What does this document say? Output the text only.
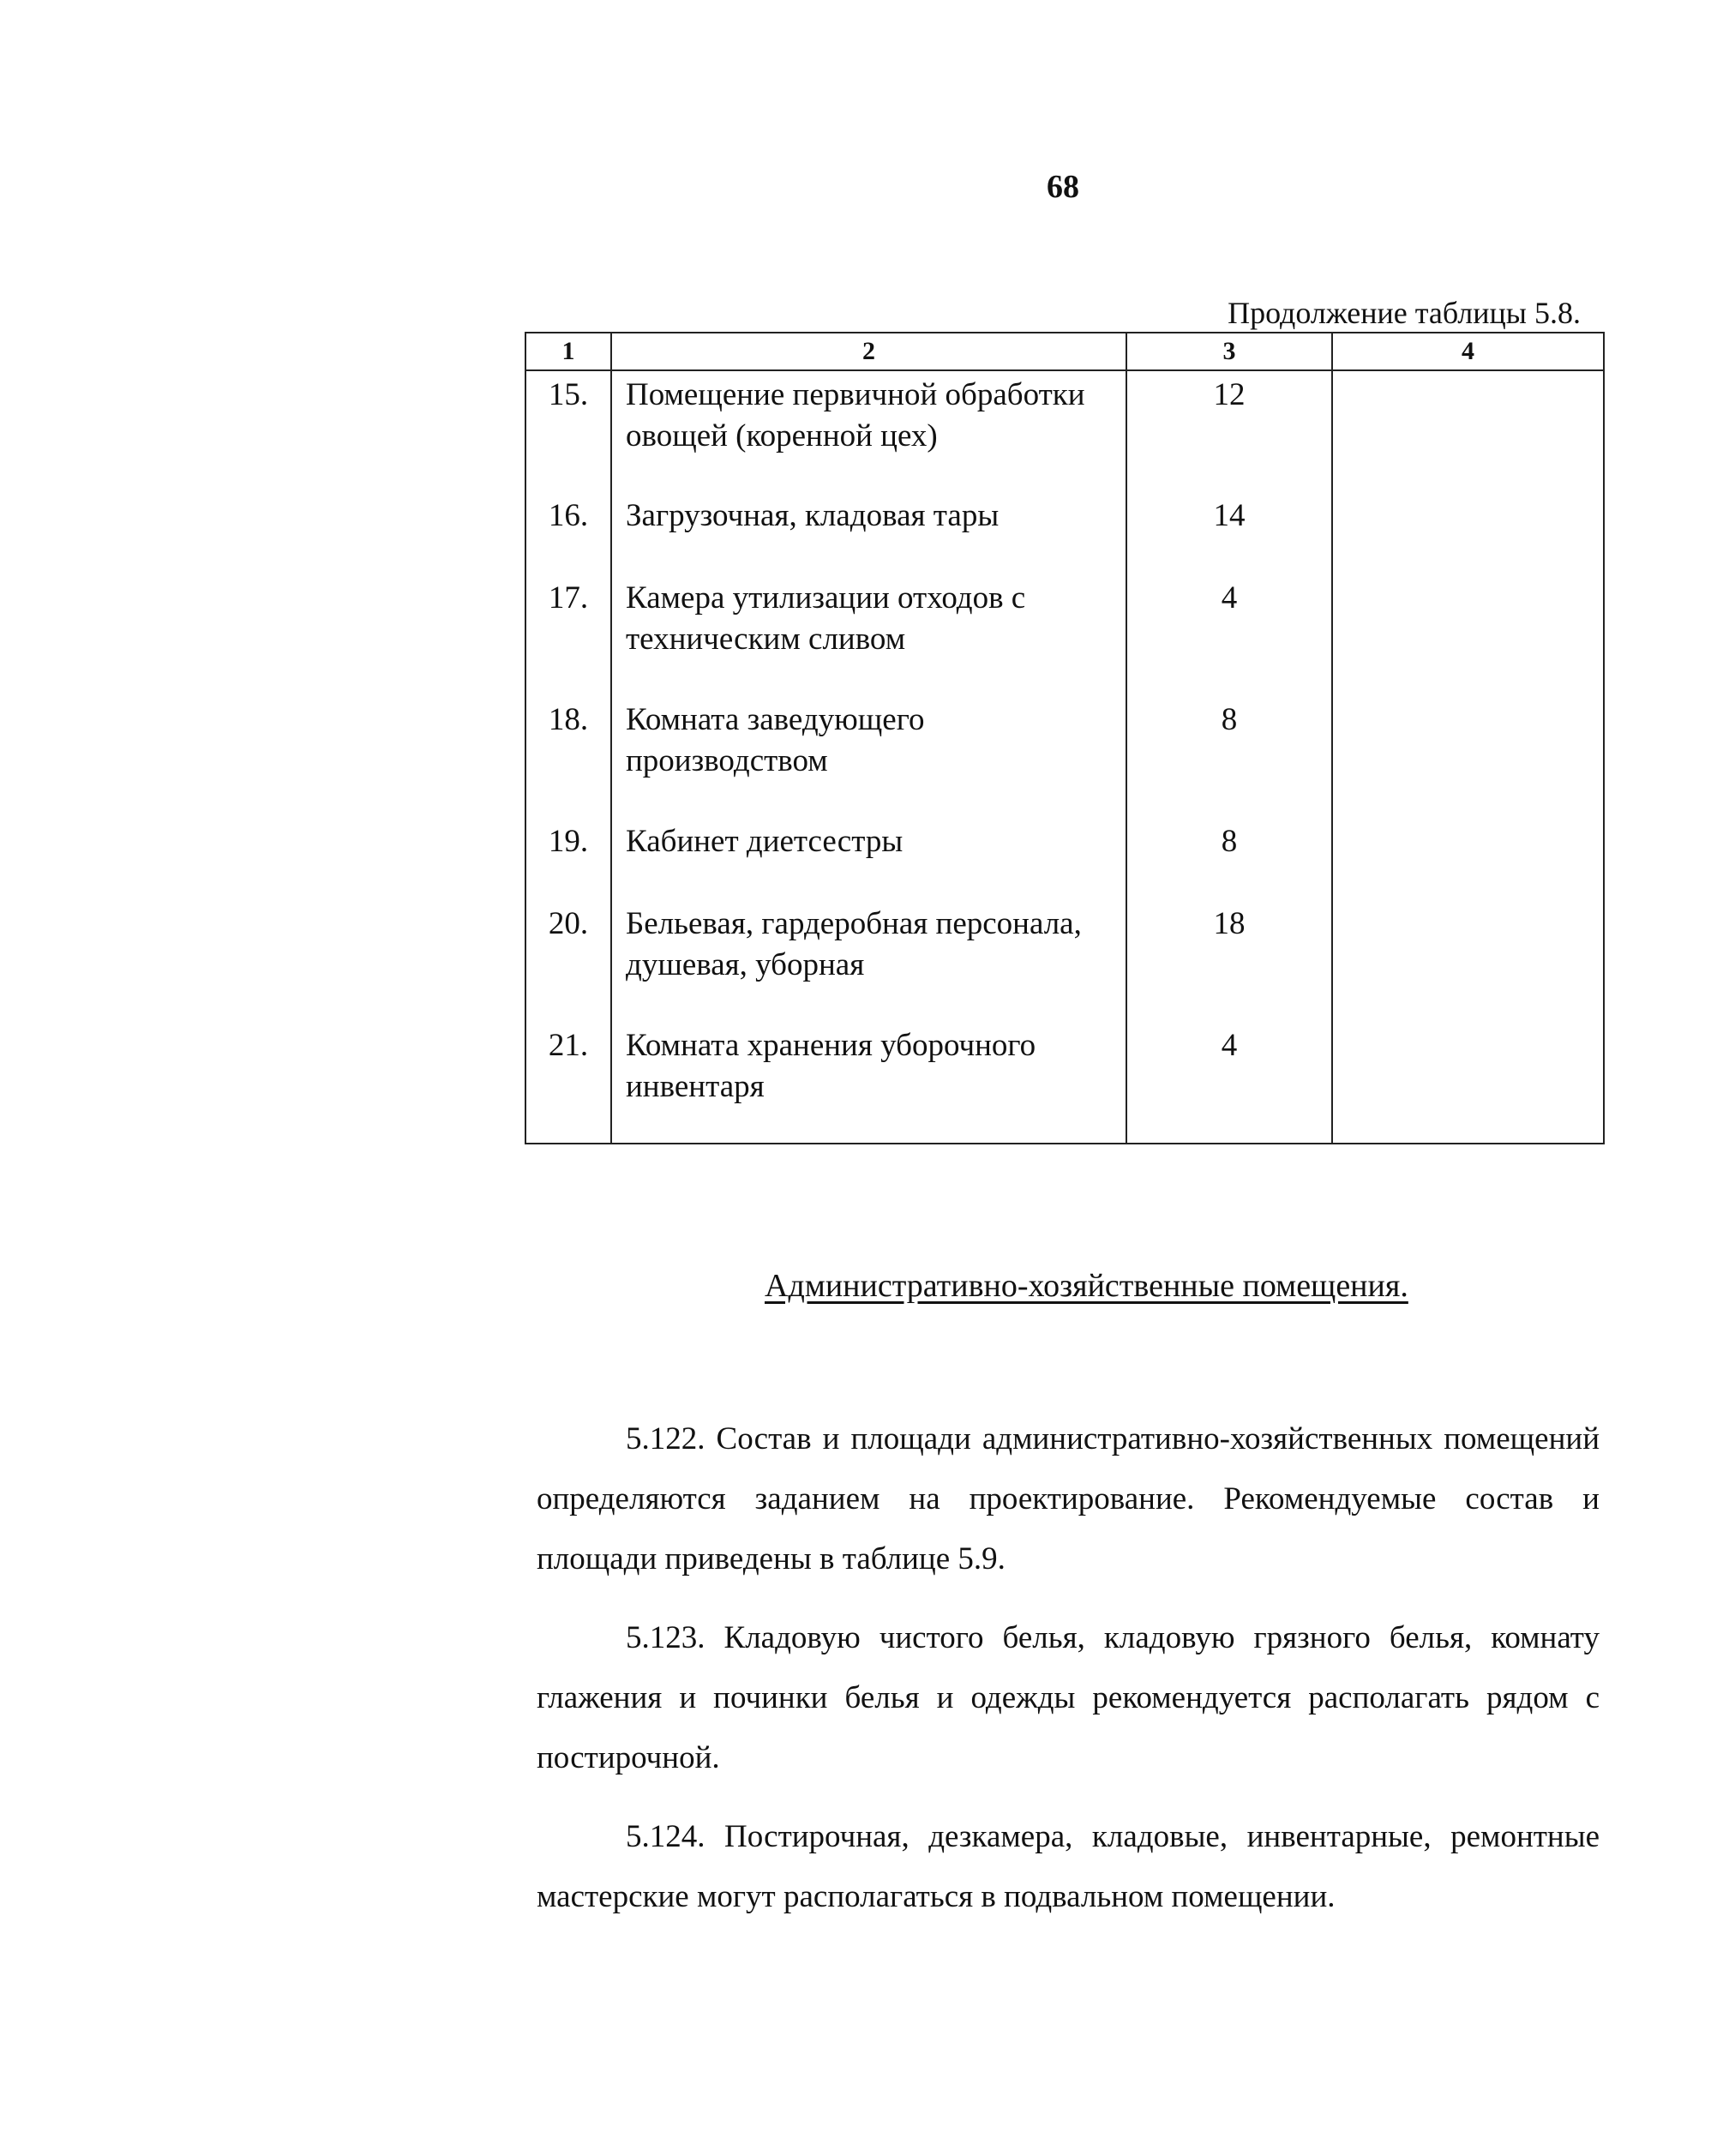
68
Продолжение таблицы 5.8.
1	2	3	4
15.	Помещение первичной обработки овощей (коренной цех)	12	
16.	Загрузочная, кладовая тары	14	
17.	Камера утилизации отходов с техническим сливом	4	
18.	Комната заведующего производством	8	
19.	Кабинет диетсестры	8	
20.	Бельевая, гардеробная персонала, душевая, уборная	18	
21.	Комната хранения уборочного инвентаря	4	
Административно-хозяйственные помещения.

5.122. Состав и площади административно-хозяйственных помещений определяются заданием на проектирование. Рекомендуемые состав и площади приведены в таблице 5.9.

5.123. Кладовую чистого белья, кладовую грязного белья, комнату глажения и починки белья и одежды рекомендуется располагать рядом с постирочной.

5.124. Постирочная, дезкамера, кладовые, инвентарные, ремонтные мастерские могут располагаться в подвальном помещении.
